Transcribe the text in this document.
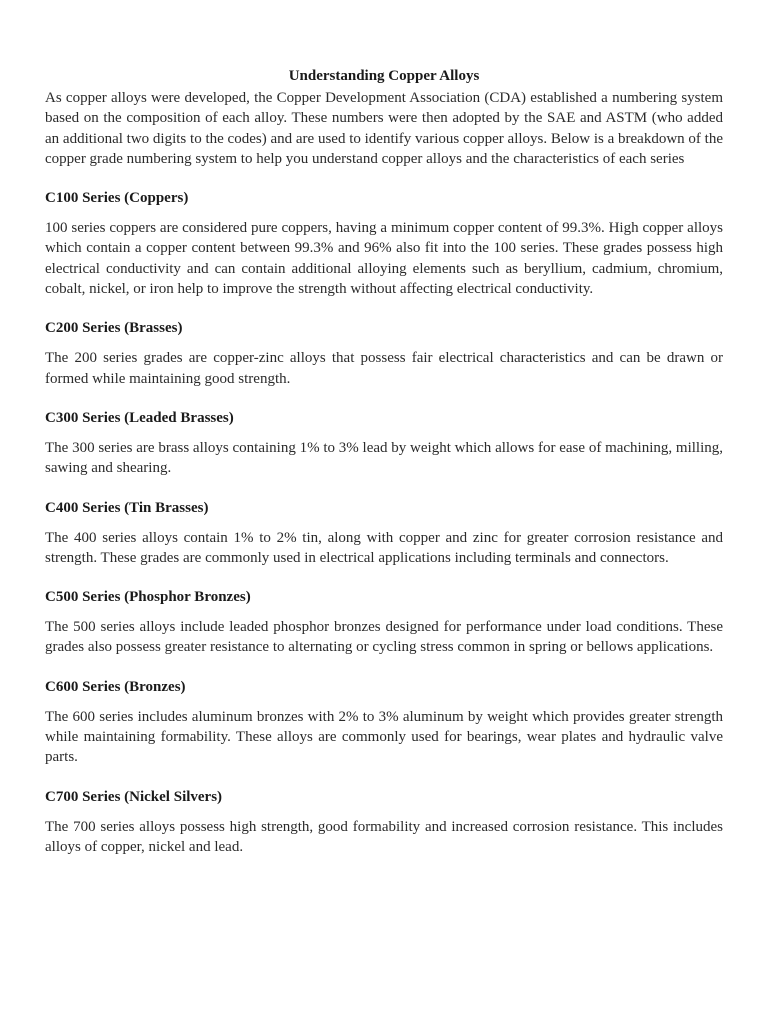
Understanding Copper Alloys

As copper alloys were developed, the Copper Development Association (CDA) established a numbering system based on the composition of each alloy. These numbers were then adopted by the SAE and ASTM (who added an additional two digits to the codes) and are used to identify various copper alloys. Below is a breakdown of the copper grade numbering system to help you understand copper alloys and the characteristics of each series

C100 Series (Coppers)

100 series coppers are considered pure coppers, having a minimum copper content of 99.3%. High copper alloys which contain a copper content between 99.3% and 96% also fit into the 100 series. These grades possess high electrical conductivity and can contain additional alloying elements such as beryllium, cadmium, chromium, cobalt, nickel, or iron help to improve the strength without affecting electrical conductivity.

C200 Series (Brasses)

The 200 series grades are copper-zinc alloys that possess fair electrical characteristics and can be drawn or formed while maintaining good strength.

C300 Series (Leaded Brasses)

The 300 series are brass alloys containing 1% to 3% lead by weight which allows for ease of machining, milling, sawing and shearing.

C400 Series (Tin Brasses)

The 400 series alloys contain 1% to 2% tin, along with copper and zinc for greater corrosion resistance and strength. These grades are commonly used in electrical applications including terminals and connectors.

C500 Series (Phosphor Bronzes)

The 500 series alloys include leaded phosphor bronzes designed for performance under load conditions. These grades also possess greater resistance to alternating or cycling stress common in spring or bellows applications.

C600 Series (Bronzes)

The 600 series includes aluminum bronzes with 2% to 3% aluminum by weight which provides greater strength while maintaining formability. These alloys are commonly used for bearings, wear plates and hydraulic valve parts.

C700 Series (Nickel Silvers)

The 700 series alloys possess high strength, good formability and increased corrosion resistance. This includes alloys of copper, nickel and lead.
